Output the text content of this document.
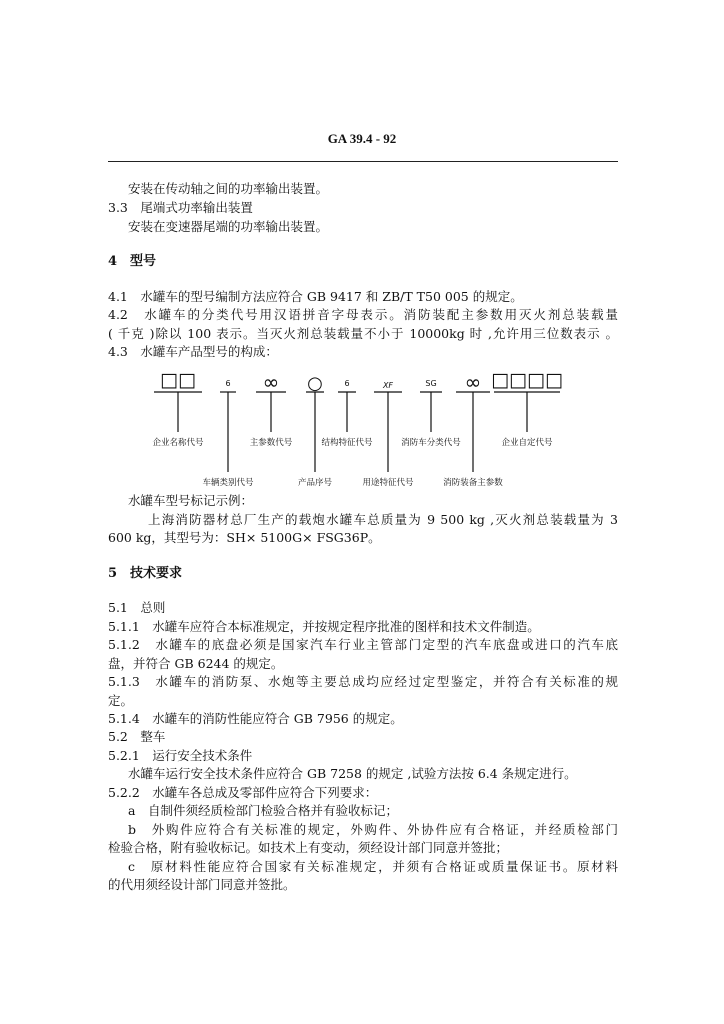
GA 39.4 - 92
安装在传动轴之间的功率输出装置。
3.3　尾端式功率输出装置
安装在变速器尾端的功率输出装置。
4　型号
4.1　水罐车的型号编制方法应符合 GB 9417 和 ZB/T T50 005 的规定。
4.2　水罐车的分类代号用汉语拼音字母表示。消防装配主参数用灭火剂总装载量
( 千克 )除以 100 表示。当灭火剂总装载量不小于 10000kg 时 ,允许用三位数表示 。
4.3　水罐车产品型号的构成：
□□	6 ∞ ○	6	XF	SG ∞ □□□□
企业名称代号	主参数代号	结构特征代号	消防车分类代号	企业自定代号
车辆类别代号	产品序号	用途特征代号	消防装备主参数
水罐车型号标记示例：
上海消防器材总厂生产的载炮水罐车总质量为 9 500 kg ,灭火剂总装载量为 3
600 kg，其型号为：SH× 5100G× FSG36P。
5　技术要求
5.1　总则
5.1.1　水罐车应符合本标准规定，并按规定程序批准的图样和技术文件制造。
5.1.2　水罐车的底盘必须是国家汽车行业主管部门定型的汽车底盘或进口的汽车底
盘，并符合 GB 6244 的规定。
5.1.3　水罐车的消防泵、水炮等主要总成均应经过定型鉴定，并符合有关标准的规
定。
5.1.4　水罐车的消防性能应符合 GB 7956 的规定。
5.2　整车
5.2.1　运行安全技术条件
水罐车运行安全技术条件应符合 GB 7258 的规定 ,试验方法按 6.4 条规定进行。
5.2.2　水罐车各总成及零部件应符合下列要求：
a　自制件须经质检部门检验合格并有验收标记；
b　外购件应符合有关标准的规定，外购件、外协件应有合格证，并经质检部门
检验合格，附有验收标记。如技术上有变动，须经设计部门同意并签批；
c　原材料性能应符合国家有关标准规定，并须有合格证或质量保证书。原材料
的代用须经设计部门同意并签批。
